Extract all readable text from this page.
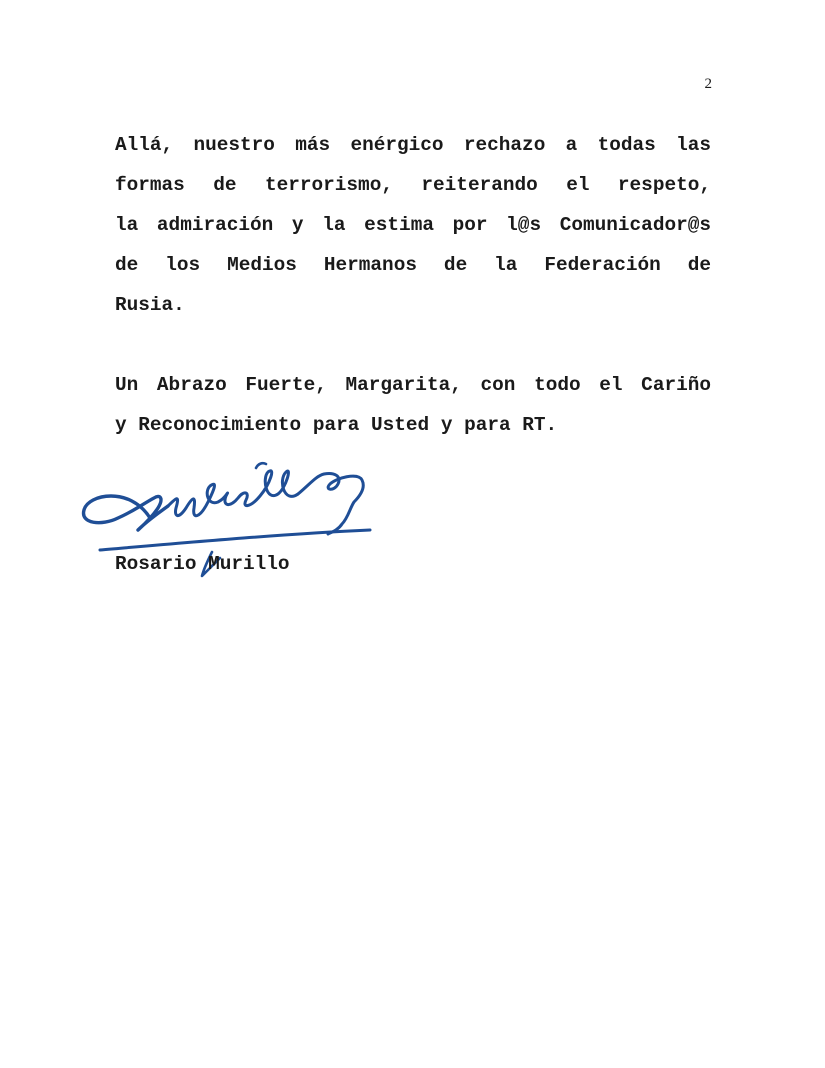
2
Allá, nuestro más enérgico rechazo a todas las
formas de terrorismo, reiterando el respeto,
la admiración y la estima por l@s Comunicador@s
de los Medios Hermanos de la Federación de
Rusia.
Un Abrazo Fuerte, Margarita, con todo el Cariño
y Reconocimiento para Usted y para RT.
Rosario Murillo
